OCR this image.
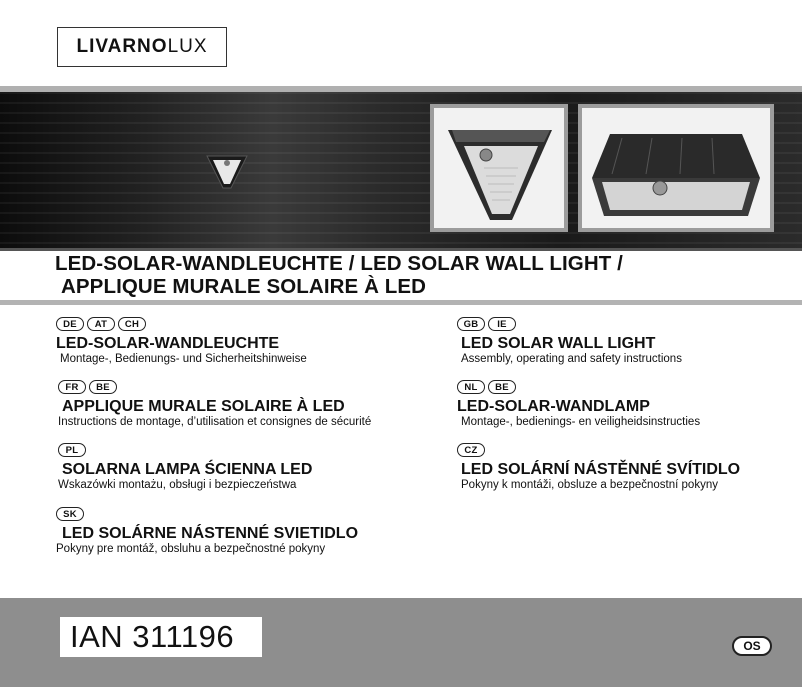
LIVARNO LUX
LED-SOLAR-WANDLEUCHTE / LED SOLAR WALL LIGHT /
APPLIQUE MURALE SOLAIRE À LED
DE	AT	CH
LED-SOLAR-WANDLEUCHTE
Montage-, Bedienungs- und Sicherheitshinweise
FR	BE
APPLIQUE MURALE SOLAIRE À LED
Instructions de montage, d’utilisation et consignes de sécurité
PL
SOLARNA LAMPA ŚCIENNA LED
Wskazówki montażu, obsługi i bezpieczeństwa
SK
LED SOLÁRNE NÁSTENNÉ SVIETIDLO
Pokyny pre montáž, obsluhu a bezpečnostné pokyny
GB	IE
LED SOLAR WALL LIGHT
Assembly, operating and safety instructions
NL	BE
LED-SOLAR-WANDLAMP
Montage-, bedienings- en veiligheidsinstructies
CZ
LED SOLÁRNÍ NÁSTĚNNÉ SVÍTIDLO
Pokyny k montáži, obsluze a bezpečnostní pokyny
IAN 311196	OS
